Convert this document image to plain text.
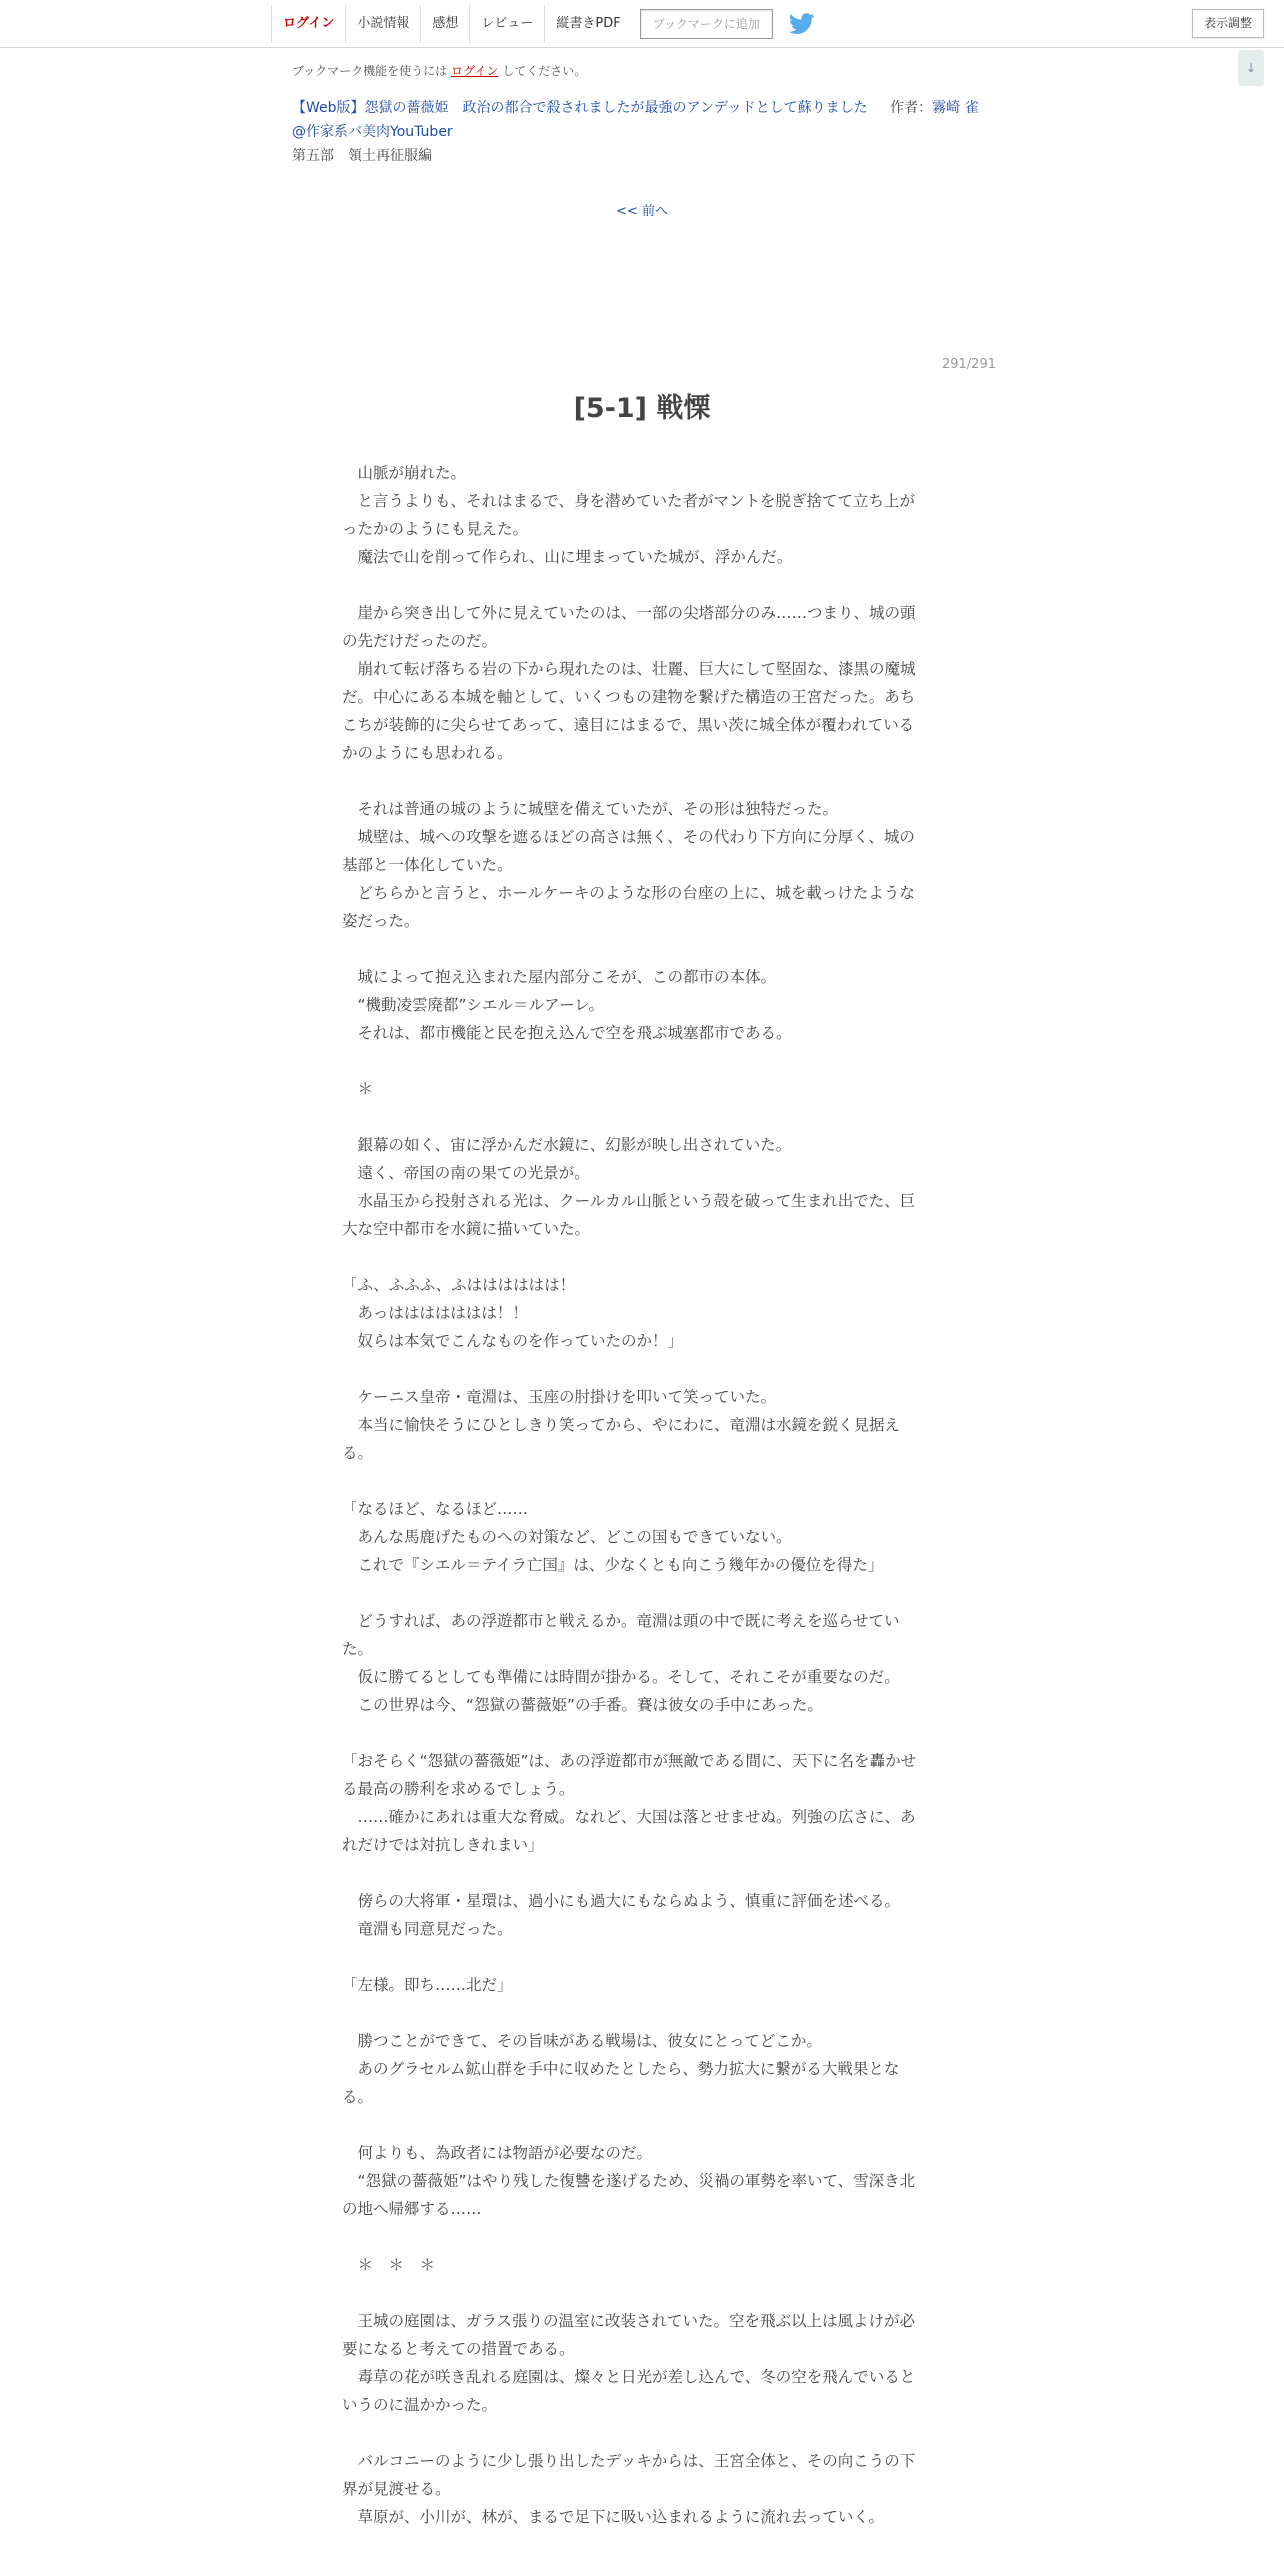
ログイン	小説情報	感想	レビュー	縦書きPDF	ブックマークに追加	表示調整
↓
ブックマーク機能を使うには ログイン してください。
【Web版】怨獄の薔薇姫　政治の都合で殺されましたが最強のアンデッドとして蘇りました 作者：霧崎 雀
@作家系バ美肉YouTuber
第五部　領土再征服編
<< 前へ
291/291
[5-1] 戦慄

　山脈が崩れた。

　と言うよりも、それはまるで、身を潜めていた者がマントを脱ぎ捨てて立ち上が

ったかのようにも見えた。

　魔法で山を削って作られ、山に埋まっていた城が、浮かんだ。

　崖から突き出して外に見えていたのは、一部の尖塔部分のみ……つまり、城の頭

の先だけだったのだ。

　崩れて転げ落ちる岩の下から現れたのは、壮麗、巨大にして堅固な、漆黒の魔城

だ。中心にある本城を軸として、いくつもの建物を繋げた構造の王宮だった。あち

こちが装飾的に尖らせてあって、遠目にはまるで、黒い茨に城全体が覆われている

かのようにも思われる。

　それは普通の城のように城壁を備えていたが、その形は独特だった。

　城壁は、城への攻撃を遮るほどの高さは無く、その代わり下方向に分厚く、城の

基部と一体化していた。

　どちらかと言うと、ホールケーキのような形の台座の上に、城を載っけたような

姿だった。

　城によって抱え込まれた屋内部分こそが、この都市の本体。

　“機動凌雲廃都”シエル＝ルアーレ。

　それは、都市機能と民を抱え込んで空を飛ぶ城塞都市である。

　＊

　銀幕の如く、宙に浮かんだ水鏡に、幻影が映し出されていた。

　遠く、帝国の南の果ての光景が。

　水晶玉から投射される光は、クールカル山脈という殻を破って生まれ出でた、巨

大な空中都市を水鏡に描いていた。

「ふ、ふふふ、ふはははははは！

　あっははははははは！！

　奴らは本気でこんなものを作っていたのか！」

　ケーニス皇帝・竜淵は、玉座の肘掛けを叩いて笑っていた。

　本当に愉快そうにひとしきり笑ってから、やにわに、竜淵は水鏡を鋭く見据え

る。

「なるほど、なるほど……

　あんな馬鹿げたものへの対策など、どこの国もできていない。

　これで『シエル＝テイラ亡国』は、少なくとも向こう幾年かの優位を得た」

　どうすれば、あの浮遊都市と戦えるか。竜淵は頭の中で既に考えを巡らせてい

た。

　仮に勝てるとしても準備には時間が掛かる。そして、それこそが重要なのだ。

　この世界は今、“怨獄の薔薇姫”の手番。賽は彼女の手中にあった。

「おそらく“怨獄の薔薇姫”は、あの浮遊都市が無敵である間に、天下に名を轟かせ

る最高の勝利を求めるでしょう。

　……確かにあれは重大な脅威。なれど、大国は落とせませぬ。列強の広さに、あ

れだけでは対抗しきれまい」

　傍らの大将軍・星環は、過小にも過大にもならぬよう、慎重に評価を述べる。

　竜淵も同意見だった。

「左様。即ち……北だ」

　勝つことができて、その旨味がある戦場は、彼女にとってどこか。

　あのグラセルム鉱山群を手中に収めたとしたら、勢力拡大に繋がる大戦果とな

る。

　何よりも、為政者には物語が必要なのだ。

　“怨獄の薔薇姫”はやり残した復讐を遂げるため、災禍の軍勢を率いて、雪深き北

の地へ帰郷する……

　＊　＊　＊

　王城の庭園は、ガラス張りの温室に改装されていた。空を飛ぶ以上は風よけが必

要になると考えての措置である。

　毒草の花が咲き乱れる庭園は、燦々と日光が差し込んで、冬の空を飛んでいると

いうのに温かかった。

　バルコニーのように少し張り出したデッキからは、王宮全体と、その向こうの下

界が見渡せる。

　草原が、小川が、林が、まるで足下に吸い込まれるように流れ去っていく。
